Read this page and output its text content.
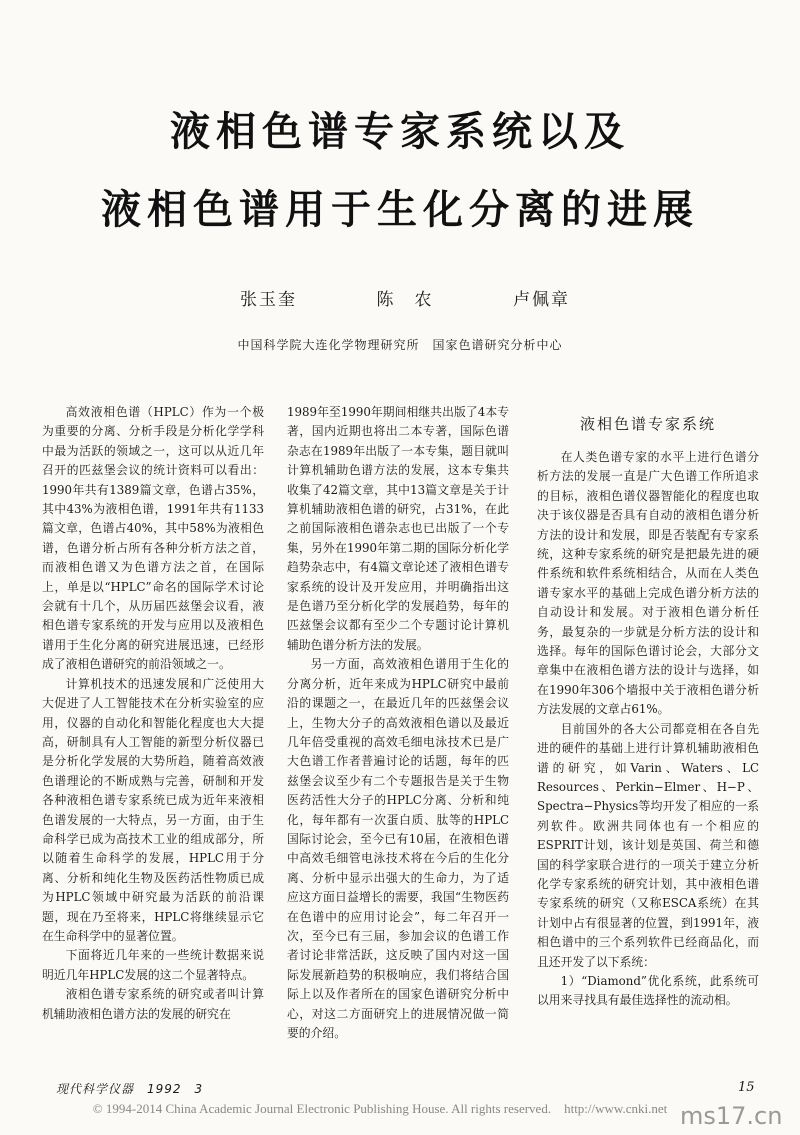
液相色谱专家系统以及
液相色谱用于生化分离的进展
张玉奎	陈　农	卢佩章
中国科学院大连化学物理研究所　国家色谱研究分析中心

高效液相色谱（HPLC）作为一个极为重要的分离、分析手段是分析化学学科中最为活跃的领域之一，这可以从近几年召开的匹兹堡会议的统计资料可以看出：1990年共有1389篇文章，色谱占35%，其中43%为液相色谱，1991年共有1133篇文章，色谱占40%，其中58%为液相色谱，色谱分析占所有各种分析方法之首，而液相色谱又为色谱方法之首，在国际上，单是以“HPLC”命名的国际学术讨论会就有十几个，从历届匹兹堡会议看，液相色谱专家系统的开发与应用以及液相色谱用于生化分离的研究进展迅速，已经形成了液相色谱研究的前沿领域之一。

计算机技术的迅速发展和广泛使用大大促进了人工智能技术在分析实验室的应用，仪器的自动化和智能化程度也大大提高，研制具有人工智能的新型分析仪器已是分析化学发展的大势所趋，随着高效液色谱理论的不断成熟与完善，研制和开发各种液相色谱专家系统已成为近年来液相色谱发展的一大特点，另一方面，由于生命科学已成为高技术工业的组成部分，所以随着生命科学的发展，HPLC用于分离、分析和纯化生物及医药活性物质已成为HPLC领域中研究最为活跃的前沿课题，现在乃至将来，HPLC将继续显示它在生命科学中的显著位置。

下面将近几年来的一些统计数据来说明近几年HPLC发展的这二个显著特点。

液相色谱专家系统的研究或者叫计算机辅助液相色谱方法的发展的研究在

1989年至1990年期间相继共出版了4本专著，国内近期也将出二本专著，国际色谱杂志在1989年出版了一本专集，题目就叫计算机辅助色谱方法的发展，这本专集共收集了42篇文章，其中13篇文章是关于计算机辅助液相色谱的研究，占31%，在此之前国际液相色谱杂志也已出版了一个专集，另外在1990年第二期的国际分析化学趋势杂志中，有4篇文章论述了液相色谱专家系统的设计及开发应用，并明确指出这是色谱乃至分析化学的发展趋势，每年的匹兹堡会议都有至少二个专题讨论计算机辅助色谱分析方法的发展。

另一方面，高效液相色谱用于生化的分离分析，近年来成为HPLC研究中最前沿的课题之一，在最近几年的匹兹堡会议上，生物大分子的高效液相色谱以及最近几年倍受重视的高效毛细电泳技术已是广大色谱工作者普遍讨论的话题，每年的匹兹堡会议至少有二个专题报告是关于生物医药活性大分子的HPLC分离、分析和纯化，每年都有一次蛋白质、肽等的HPLC国际讨论会，至今已有10届，在液相色谱中高效毛细管电泳技术将在今后的生化分离、分析中显示出强大的生命力，为了适应这方面日益增长的需要，我国“生物医药在色谱中的应用讨论会”，每二年召开一次，至今已有三届，参加会议的色谱工作者讨论非常活跃，这反映了国内对这一国际发展新趋势的积极响应，我们将结合国际上以及作者所在的国家色谱研究分析中心，对这二方面研究上的进展情况做一简要的介绍。

液相色谱专家系统

在人类色谱专家的水平上进行色谱分析方法的发展一直是广大色谱工作所追求的目标，液相色谱仪器智能化的程度也取决于该仪器是否具有自动的液相色谱分析方法的设计和发展，即是否装配有专家系统，这种专家系统的研究是把最先进的硬件系统和软件系统相结合，从而在人类色谱专家水平的基础上完成色谱分析方法的自动设计和发展。对于液相色谱分析任务，最复杂的一步就是分析方法的设计和选择。每年的国际色谱讨论会，大部分文章集中在液相色谱方法的设计与选择，如在1990年306个墙报中关于液相色谱分析方法发展的文章占61%。

目前国外的各大公司都竞相在各自先进的硬件的基础上进行计算机辅助液相色谱的研究，如Varin、Waters、LC Resources、Perkin−Elmer、H−P、Spectra−Physics等均开发了相应的一系列软件。欧洲共同体也有一个相应的ESPRIT计划，该计划是英国、荷兰和德国的科学家联合进行的一项关于建立分析化学专家系统的研究计划，其中液相色谱专家系统的研究（又称ESCA系统）在其计划中占有很显著的位置，到1991年，液相色谱中的三个系列软件已经商品化，而且还开发了以下系统：

1）“Diamond”优化系统，此系统可以用来寻找具有最佳选择性的流动相。

现代科学仪器　1992　3	15
© 1994-2014 China Academic Journal Electronic Publishing House. All rights reserved.　http://www.cnki.net ms17.cn
